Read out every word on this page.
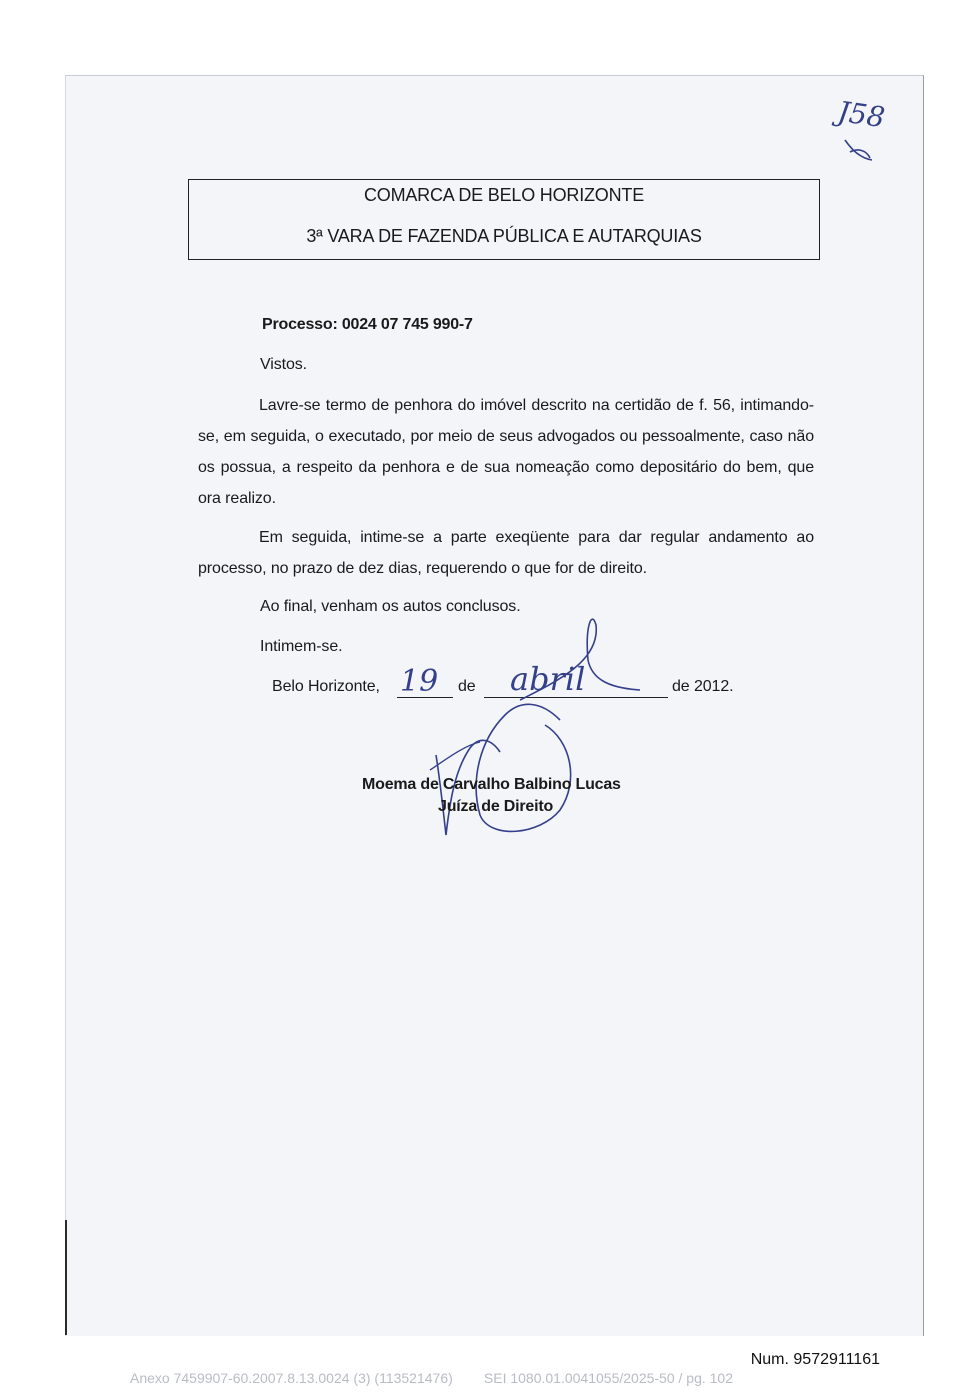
J58
COMARCA DE BELO HORIZONTE
3ª VARA DE FAZENDA PÚBLICA E AUTARQUIAS
Processo: 0024 07 745 990-7
Vistos.
Lavre-se termo de penhora do imóvel descrito na certidão de f. 56, intimando-se, em seguida, o executado, por meio de seus advogados ou pessoalmente, caso não os possua, a respeito da penhora e de sua nomeação como depositário do bem, que ora realizo.
Em seguida, intime-se a parte exeqüente para dar regular andamento ao processo, no prazo de dez dias, requerendo o que for de direito.
Ao final, venham os autos conclusos.
Intimem-se.
Belo Horizonte, 19 de abril	de 2012.
Moema de Carvalho Balbino Lucas
Juíza de Direito
Num. 9572911161
Anexo 7459907-60.2007.8.13.0024 (3) (113521476)        SEI 1080.01.0041055/2025-50 / pg. 102
